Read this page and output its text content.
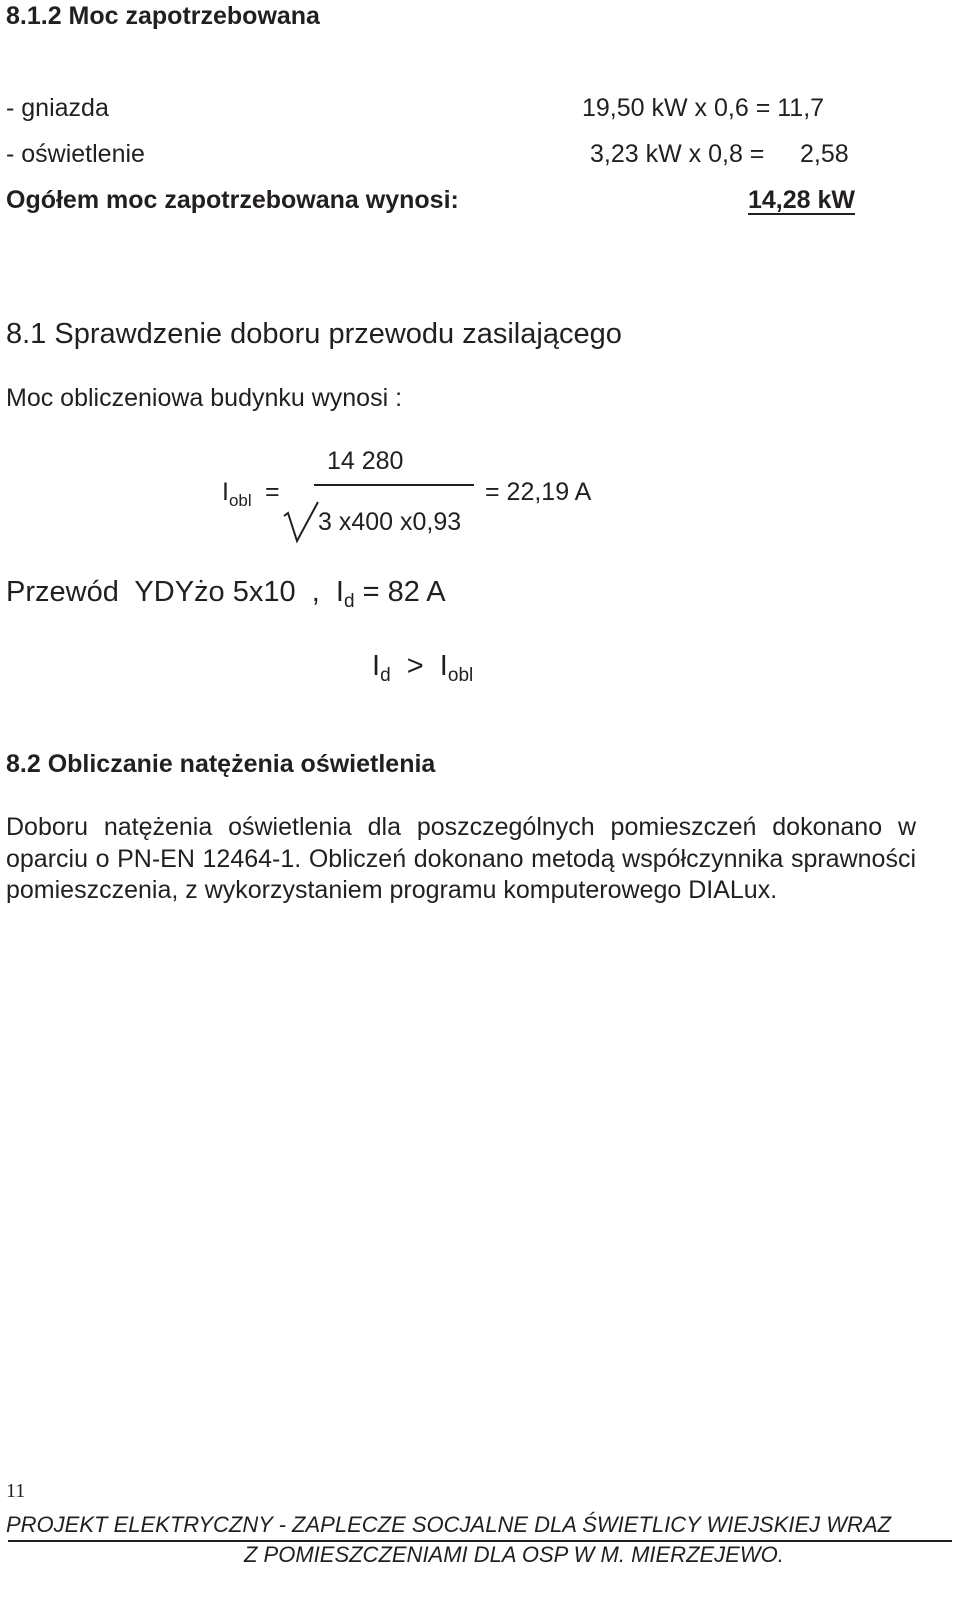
8.1.2 Moc zapotrzebowana
- gniazda	19,50 kW x 0,6 = 11,7
- oświetlenie	3,23 kW x 0,8 = 2,58
Ogółem moc zapotrzebowana wynosi:	14,28 kW
8.1 Sprawdzenie doboru przewodu zasilającego
Moc obliczeniowa budynku wynosi :
$I_{obl}$ =
14 280
3 x400 x0,93
= 22,19 A
Przewód  YDYżo 5x10  ,  $I_d = 82$ A
$I_d > I_{obl}$
8.2 Obliczanie natężenia oświetlenia
Doboru natężenia oświetlenia dla poszczególnych pomieszczeń dokonano w oparciu o PN-EN 12464-1. Obliczeń dokonano metodą współczynnika sprawności pomieszczenia, z wykorzystaniem programu komputerowego DIALux.
11
PROJEKT ELEKTRYCZNY - ZAPLECZE SOCJALNE DLA ŚWIETLICY WIEJSKIEJ WRAZ
Z POMIESZCZENIAMI DLA OSP W M. MIERZEJEWO.
